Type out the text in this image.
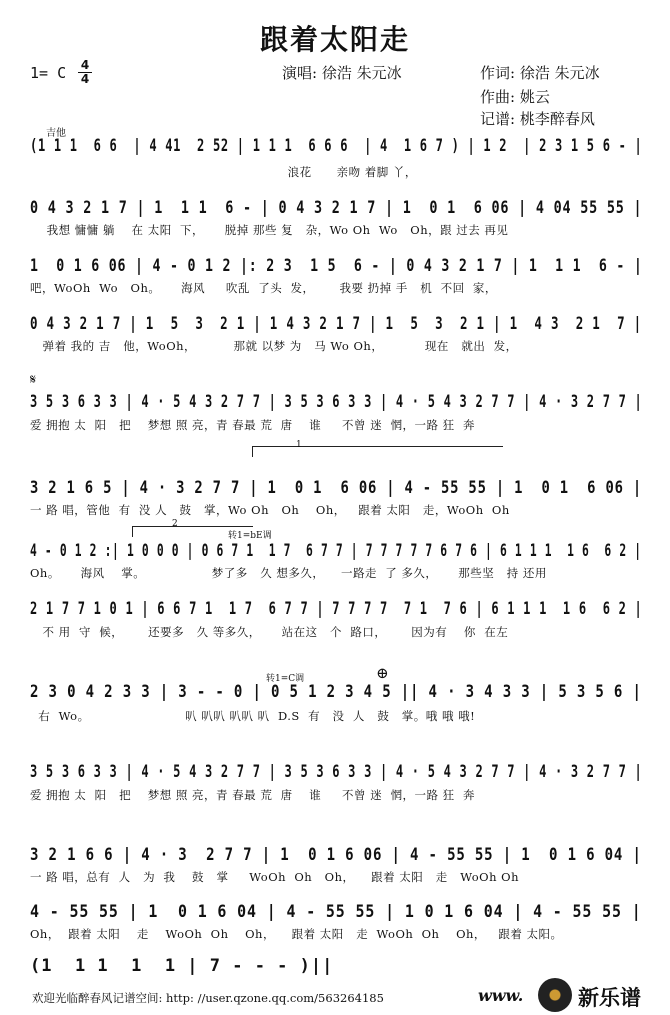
跟着太阳走
1= C 4
4	演唱: 徐浩 朱元冰	作词: 徐浩 朱元冰
作曲: 姚云
记谱: 桃李醉春风
吉他
(1 1 1  6 6  | 4 41  2 52 | 1 1 1  6 6 6  | 4  1 6 7 ) | 1 2  | 2 3 1 5 6 - |
浪花      亲吻 着脚 丫，
0 4 3 2 1 7 | 1  1 1  6 - | 0 4 3 2 1 7 | 1  0 1  6 06 | 4 04 55 55 |
我想 慵慵 躺    在 太阳  下，     脱掉 那些 复   杂，Wo Oh  Wo   Oh，跟 过去 再见
1  0 1 6 06 | 4 - 0 1 2 |: 2 3  1 5  6 - | 0 4 3 2 1 7 | 1  1 1  6 - |
吧，WoOh  Wo   Oh。     海风     吹乱  了头  发，      我要 扔掉 手   机  不回  家，
0 4 3 2 1 7 | 1  5  3  2 1 | 1 4 3 2 1 7 | 1  5  3  2 1 | 1  4 3  2 1  7 |
弹着 我的 吉   他，WoOh，         那就 以梦 为   马 Wo Oh，          现在   就出  发，
𝄋
3 5 3 6 3 3 | 4 · 5 4 3 2 7 7 | 3 5 3 6 3 3 | 4 · 5 4 3 2 7 7 | 4 · 3 2 7 7 |
爱 拥抱 太  阳   把    梦想 照 亮，青 春最 荒  唐    谁     不曾 迷  惘，一路 狂  奔
1
3 2 1 6 5 | 4 · 3 2 7 7 | 1  0 1  6 06 | 4 - 55 55 | 1  0 1  6 06 |
一 路 唱，管他  有  没 人   鼓   掌，Wo Oh   Oh    Oh，   跟着 太阳   走，WoOh  Oh
2
转1=bE调
4 - 0 1 2 :| 1 0 0 0 | 0 6 7 1  1 7  6 7 7 | 7 7 7 7 7 6 7 6 | 6 1 1 1  1 6  6 2 |
Oh。     海风    掌。                梦了多   久 想多久，    一路走  了 多久，     那些坚   持 还用
2 1 7 7 1 0 1 | 6 6 7 1  1 7  6 7 7 | 7 7 7 7  7 1  7 6 | 6 1 1 1  1 6  6 2 |
不 用  守  候，      还要多   久 等多久，     站在这   个  路口，      因为有    你  在左
转1=C调	⊕
2 3 0 4 2 3 3 | 3 - - 0 | 0 5 1 2 3 4 5 || 4 · 3 4 3 3 | 5 3 5 6 |
右  Wo。                       叭 叭叭 叭叭 叭  D.S  有   没  人   鼓   掌。哦 哦 哦!
3 5 3 6 3 3 | 4 · 5 4 3 2 7 7 | 3 5 3 6 3 3 | 4 · 5 4 3 2 7 7 | 4 · 3 2 7 7 |
爱 拥抱 太  阳   把    梦想 照 亮，青 春最 荒  唐    谁     不曾 迷  惘，一路 狂  奔
3 2 1 6 6 | 4 · 3  2 7 7 | 1  0 1 6 06 | 4 - 55 55 | 1  0 1 6 04 |
一 路 唱，总有  人   为  我    鼓   掌     WoOh  Oh   Oh，    跟着 太阳   走   WoOh Oh
4 - 55 55 | 1  0 1 6 04 | 4 - 55 55 | 1 0 1 6 04 | 4 - 55 55 |
Oh，  跟着 太阳    走    WoOh  Oh    Oh，    跟着 太阳   走  WoOh  Oh    Oh，   跟着 太阳。
(1  1 1  1  1 | 7 - - - )||
欢迎光临醉春风记谱空间: http: //user.qzone.qq.com/563264185	www.	新乐谱
